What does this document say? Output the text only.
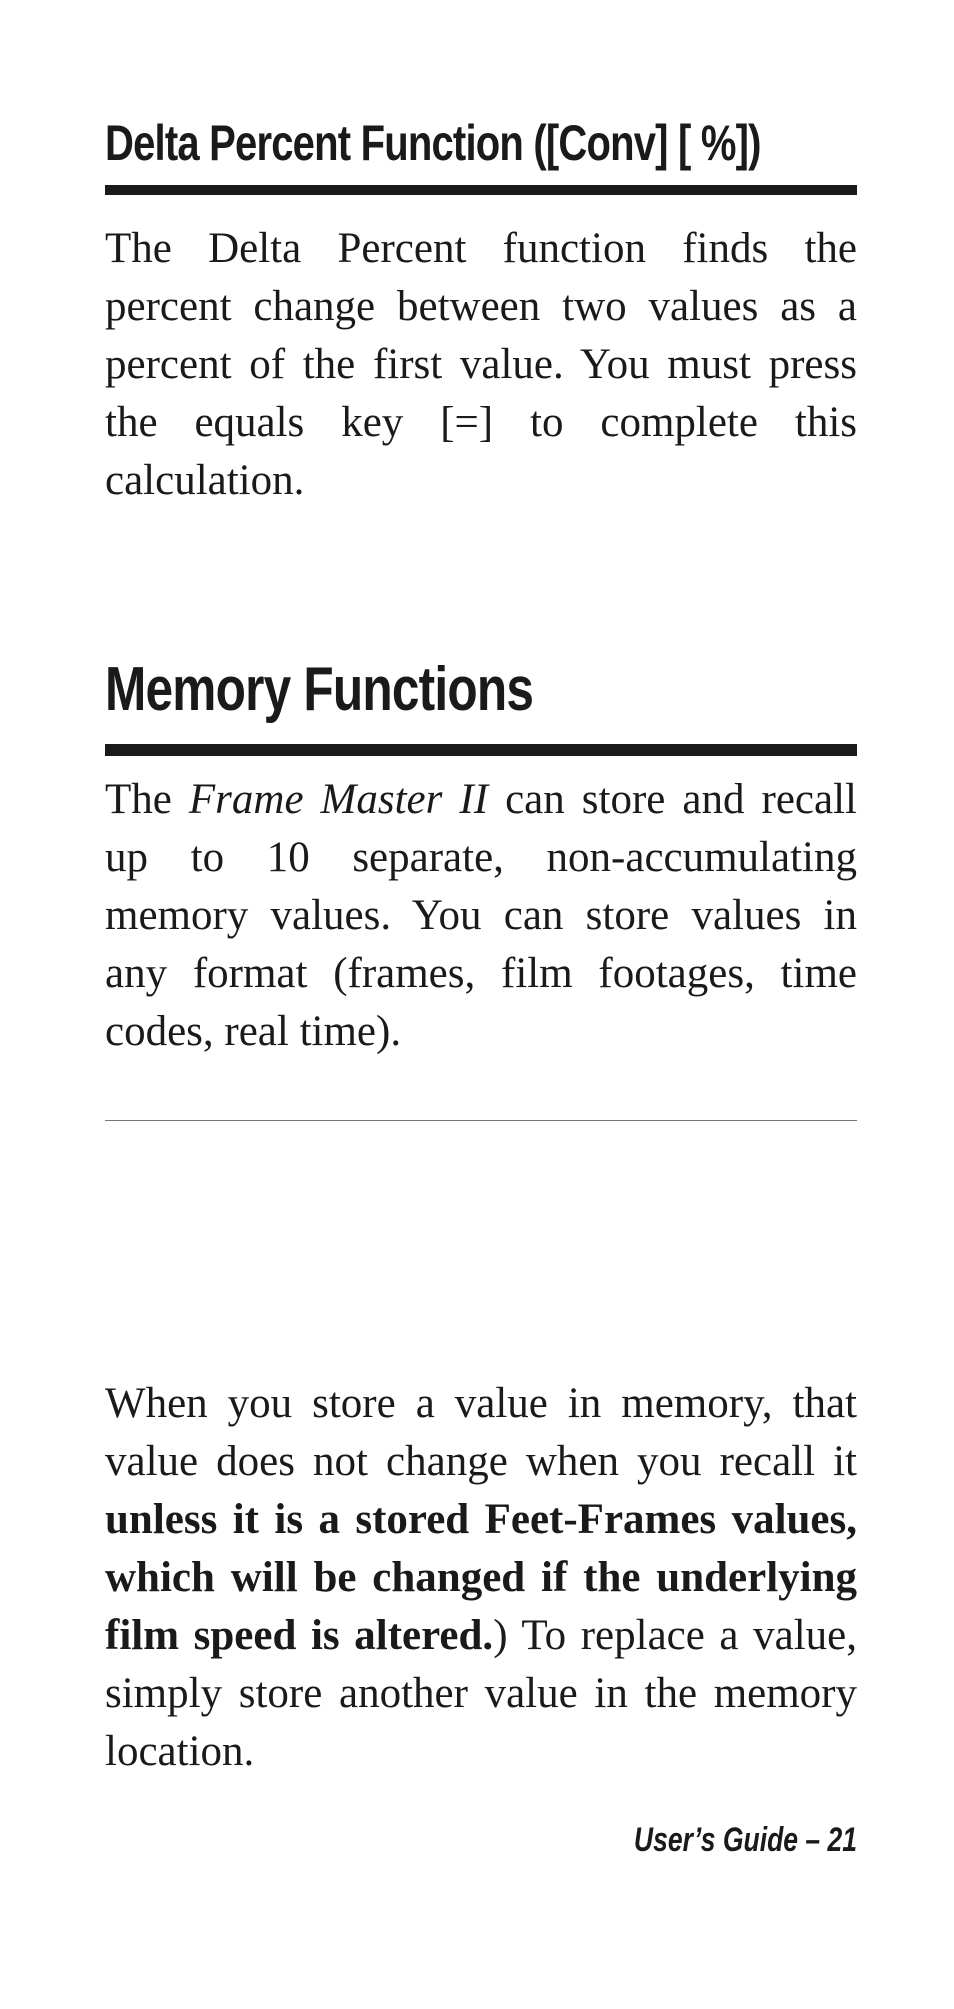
Delta Percent Function ([Conv] [ %])

The Delta Percent function finds the percent change between two values as a percent of the first value. You must press the equals key [=] to complete this calculation.

Memory Functions

The Frame Master II can store and recall up to 10 separate, non-accumulating memory values. You can store values in any format (frames, film footages, time codes, real time).

When you store a value in memory, that value does not change when you recall it unless it is a stored Feet-Frames values, which will be changed if the underlying film speed is altered.) To replace a value, simply store another value in the memory location.

User’s Guide – 21
